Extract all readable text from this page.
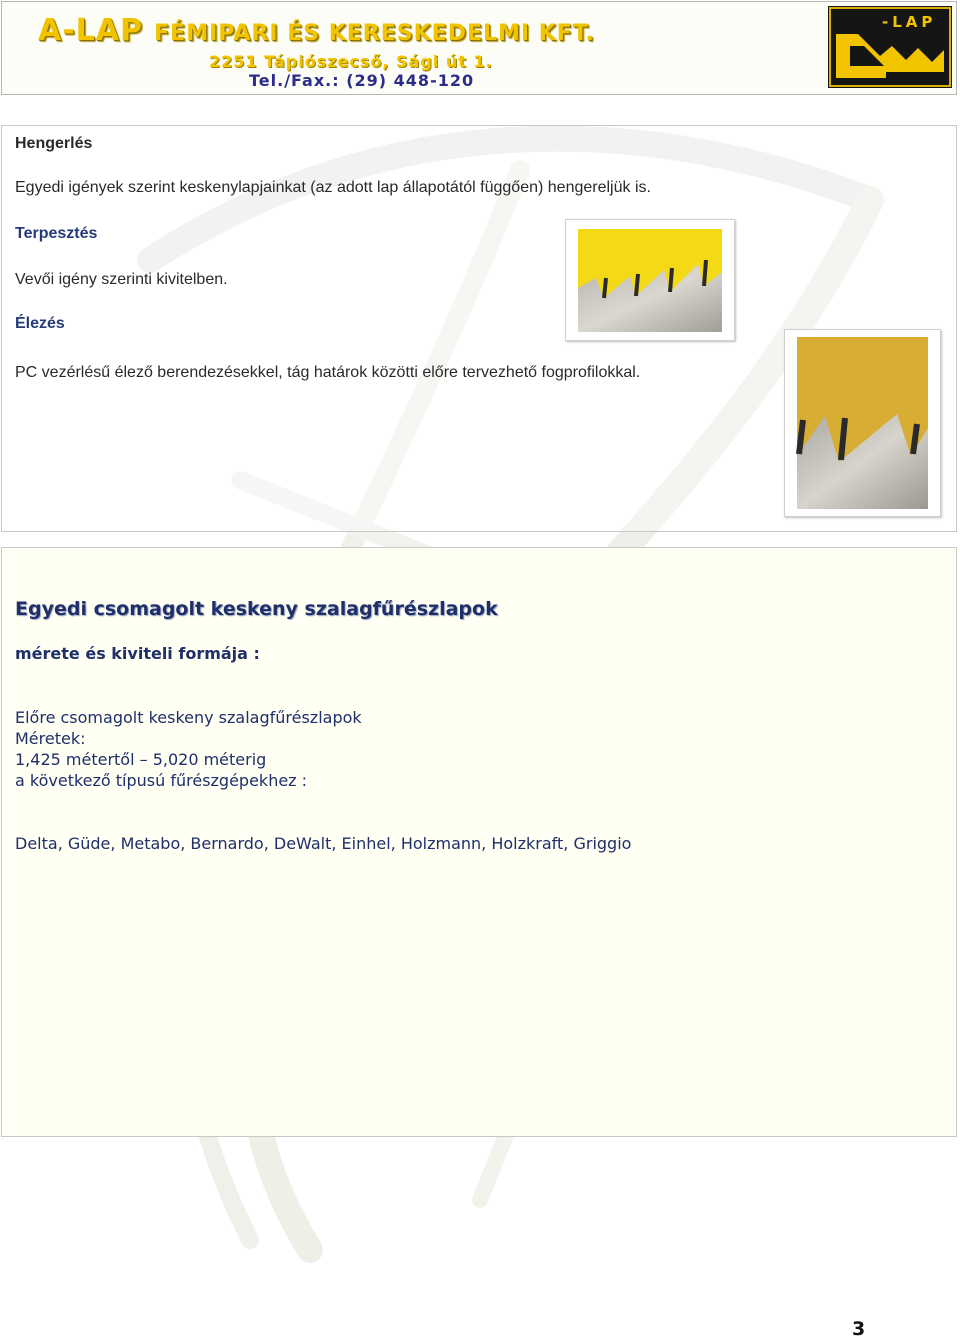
A-LAP FÉMIPARI ÉS KERESKEDELMI KFT.
2251 Tápiószecső, Sági út 1.
Tel./Fax.: (29) 448-120
-LAP
Hengerlés
Egyedi igények szerint keskenylapjainkat (az adott lap állapotától függően) hengereljük is.
Terpesztés
Vevői igény szerinti kivitelben.
Élezés
PC vezérlésű élező berendezésekkel, tág határok közötti előre tervezhető fogprofilokkal.
Egyedi csomagolt keskeny szalagfűrészlapok
mérete és kiviteli formája :
Előre csomagolt keskeny szalagfűrészlapok
Méretek:
1,425 métertől – 5,020 méterig
a következő típusú fűrészgépekhez :
Delta, Güde, Metabo, Bernardo, DeWalt, Einhel, Holzmann, Holzkraft, Griggio
3
